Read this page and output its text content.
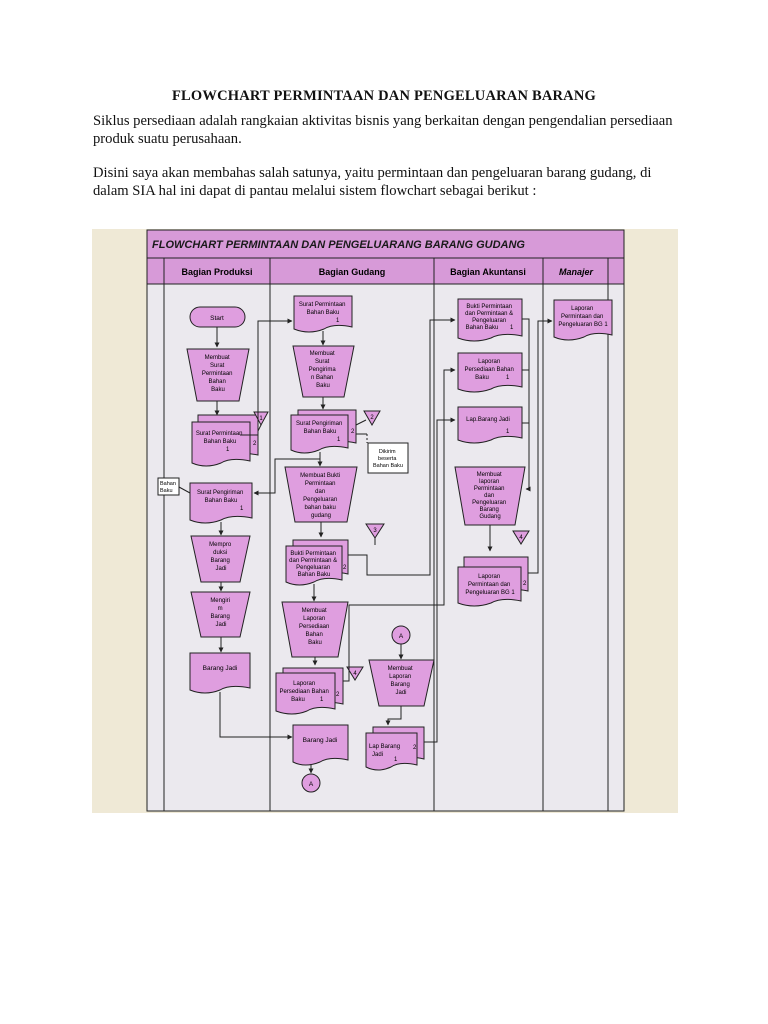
FLOWCHART PERMINTAAN DAN PENGELUARAN BARANG

Siklus persediaan adalah rangkaian aktivitas bisnis yang berkaitan dengan pengendalian persediaan produk suatu perusahaan.

Disini saya akan membahas salah satunya, yaitu permintaan dan pengeluaran barang gudang, di dalam SIA hal ini dapat di pantau melalui sistem flowchart sebagai berikut :

FLOWCHART PERMINTAAN DAN PENGELUARANG BARANG GUDANG
Bagian Produksi	Bagian Gudang	Bagian Akuntansi	Manajer
Start
Membuat Surat Permintaan Bahan Baku
Surat Permintaan Bahan Baku
1
2
1
Bahan Baku	Surat Pengiriman Bahan Baku
1
Mempro duksi Barang Jadi
Mengiri m Barang Jadi
Barang Jadi
Surat Permintaan Bahan Baku
1
Membuat Surat Pengirima n Bahan Baku
Surat Pengiriman Bahan Baku
1
2
2
Dikirim beserta Bahan Baku
Membuat Bukti Permintaan dan Pengeluaran bahan baku gudang
3
Bukti Permintaan dan Permintaan & Pengeluaran Bahan Baku
2
Membuat Laporan Persediaan Bahan Baku
4
Laporan Persediaan Bahan Baku	1
2
Barang Jadi
A
A
Membuat Laporan Barang Jadi
Lap Barang Jadi
1
2
Bukti Permintaan dan Permintaan & Pengeluaran Bahan Baku	1
Laporan Persediaan Bahan Baku	1
Lap.Barang Jadi
1
Membuat laporan Permintaan dan Pengeluaran Barang Gudang
4
Laporan Permintaan dan Pengeluaran BG 1
2
Laporan Permintaan dan Pengeluaran BG 1
